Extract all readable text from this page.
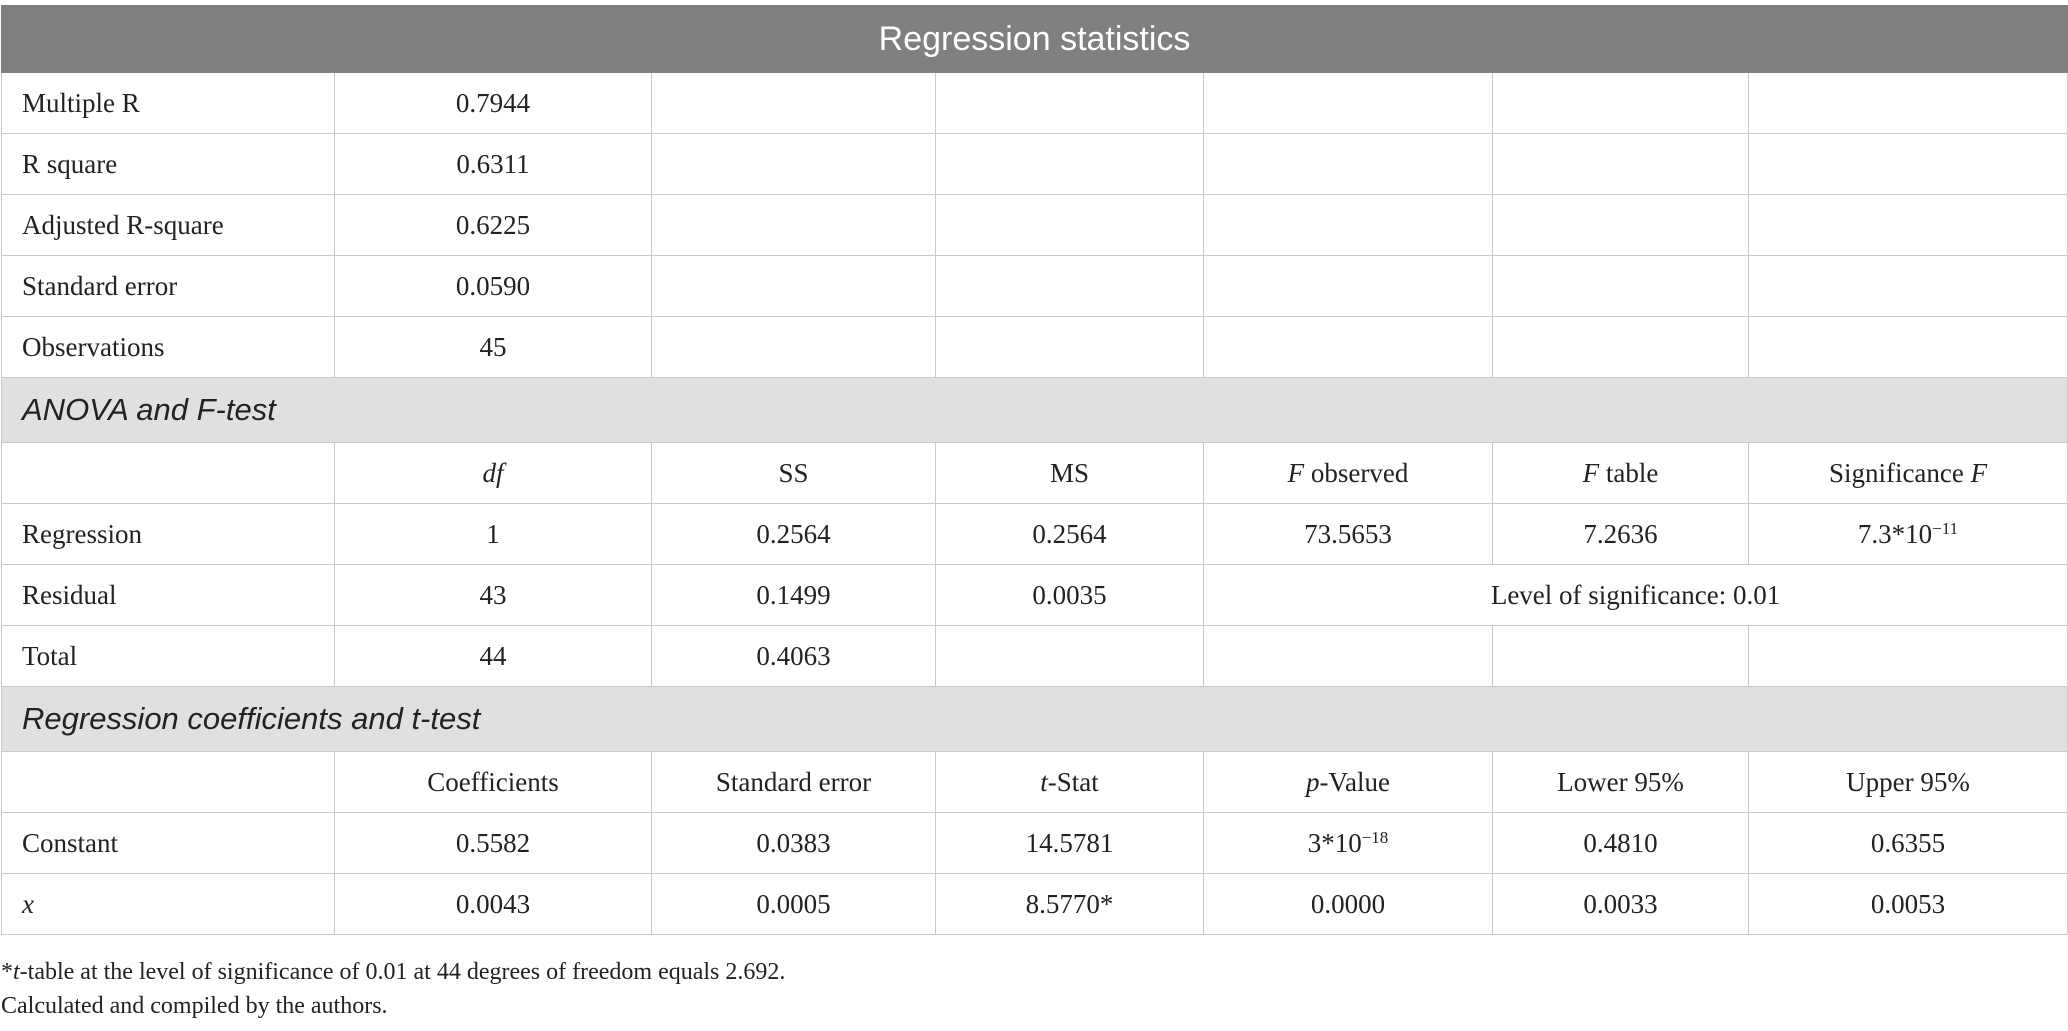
Regression statistics						
Multiple R	0.7944					
R square	0.6311					
Adjusted R-square	0.6225					
Standard error	0.0590					
Observations	45					
ANOVA and F-test						
	df	SS	MS	F observed	F table	Significance F
Regression	1	0.2564	0.2564	73.5653	7.2636	$7.3*10^{-11}$
Residual	43	0.1499	0.0035	Level of significance: 0.01		
Total	44	0.4063				
Regression coefficients and t-test						
	Coefficients	Standard error	t-Stat	p-Value	Lower 95%	Upper 95%
Constant	0.5582	0.0383	14.5781	$3*10^{-18}$	0.4810	0.6355
x	0.0043	0.0005	8.5770*	0.0000	0.0033	0.0053
*t-table at the level of significance of 0.01 at 44 degrees of freedom equals 2.692.
Calculated and compiled by the authors.
